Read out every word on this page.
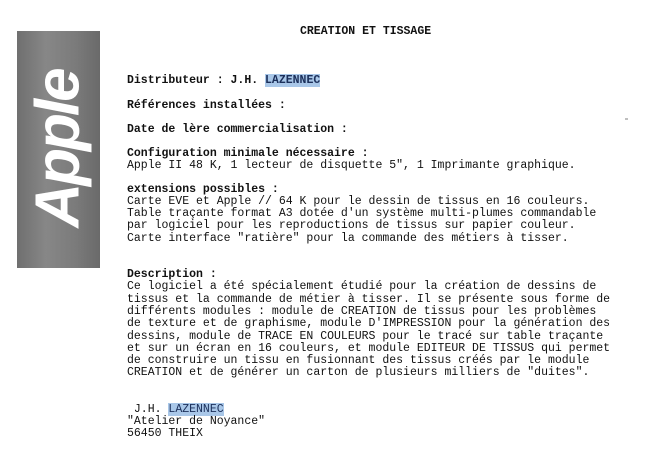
Apple
CREATION ET TISSAGE
Distributeur : J.H. LAZENNEC
Références installées :
Date de lère commercialisation :
Configuration minimale nécessaire :
Apple II 48 K, 1 lecteur de disquette 5", 1 Imprimante graphique.
extensions possibles :
Carte EVE et Apple // 64 K pour le dessin de tissus en 16 couleurs.
Table traçante format A3 dotée d'un système multi-plumes commandable
par logiciel pour les reproductions de tissus sur papier couleur.
Carte interface "ratière" pour la commande des métiers à tisser.
Description :
Ce logiciel a été spécialement étudié pour la création de dessins de
tissus et la commande de métier à tisser. Il se présente sous forme de
différents modules : module de CREATION de tissus pour les problèmes
de texture et de graphisme, module D'IMPRESSION pour la génération des
dessins, module de TRACE EN COULEURS pour le tracé sur table traçante
et sur un écran en 16 couleurs, et module EDITEUR DE TISSUS qui permet
de construire un tissu en fusionnant des tissus créés par le module
CREATION et de générer un carton de plusieurs milliers de "duites".
J.H. LAZENNEC
"Atelier de Noyance"
56450 THEIX
